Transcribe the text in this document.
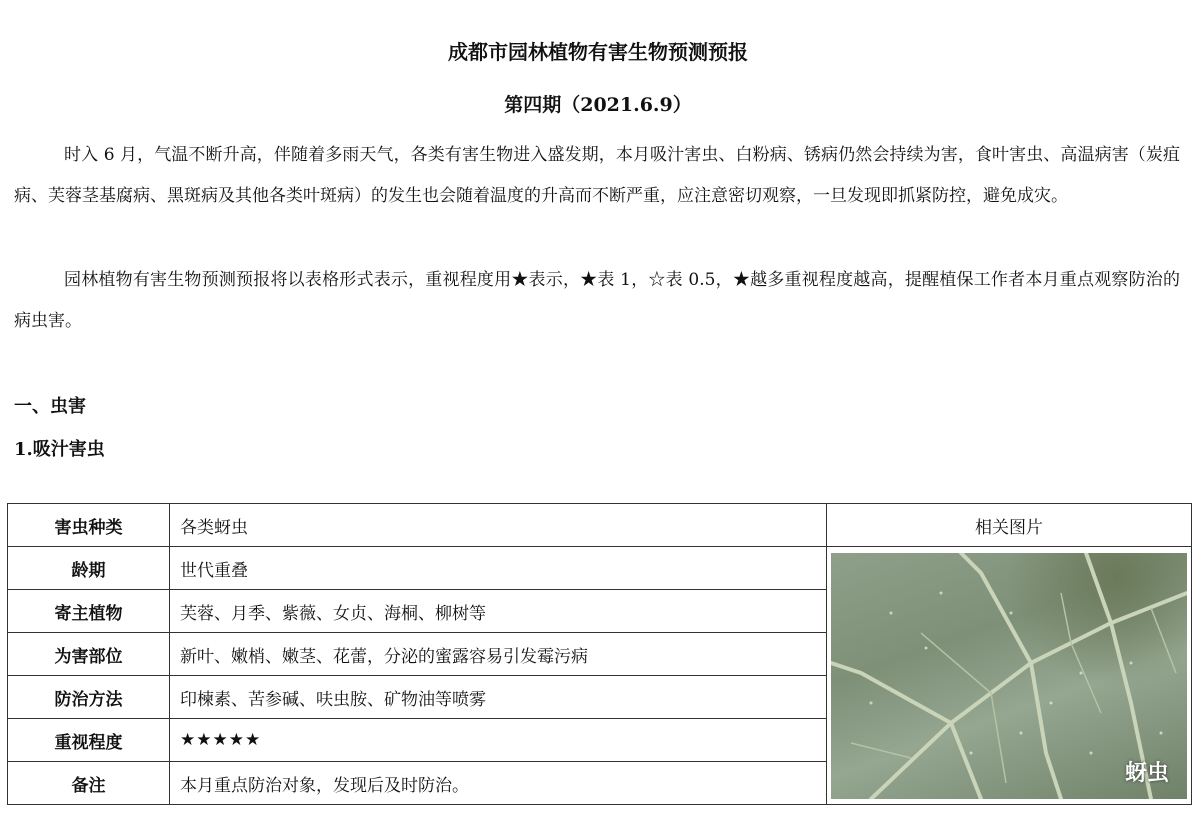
成都市园林植物有害生物预测预报
第四期（2021.6.9）

时入 6 月，气温不断升高，伴随着多雨天气，各类有害生物进入盛发期，本月吸汁害虫、白粉病、锈病仍然会持续为害，食叶害虫、高温病害（炭疽病、芙蓉茎基腐病、黑斑病及其他各类叶斑病）的发生也会随着温度的升高而不断严重，应注意密切观察，一旦发现即抓紧防控，避免成灾。

园林植物有害生物预测预报将以表格形式表示，重视程度用★表示，★表 1，☆表 0.5，★越多重视程度越高，提醒植保工作者本月重点观察防治的病虫害。

一、虫害
1.吸汁害虫
害虫种类	各类蚜虫	相关图片
龄期	世代重叠	蚜虫

寄主植物	芙蓉、月季、紫薇、女贞、海桐、柳树等	
为害部位	新叶、嫩梢、嫩茎、花蕾，分泌的蜜露容易引发霉污病	
防治方法	印楝素、苦参碱、呋虫胺、矿物油等喷雾	
重视程度	★★★★★	
备注	本月重点防治对象，发现后及时防治。	
